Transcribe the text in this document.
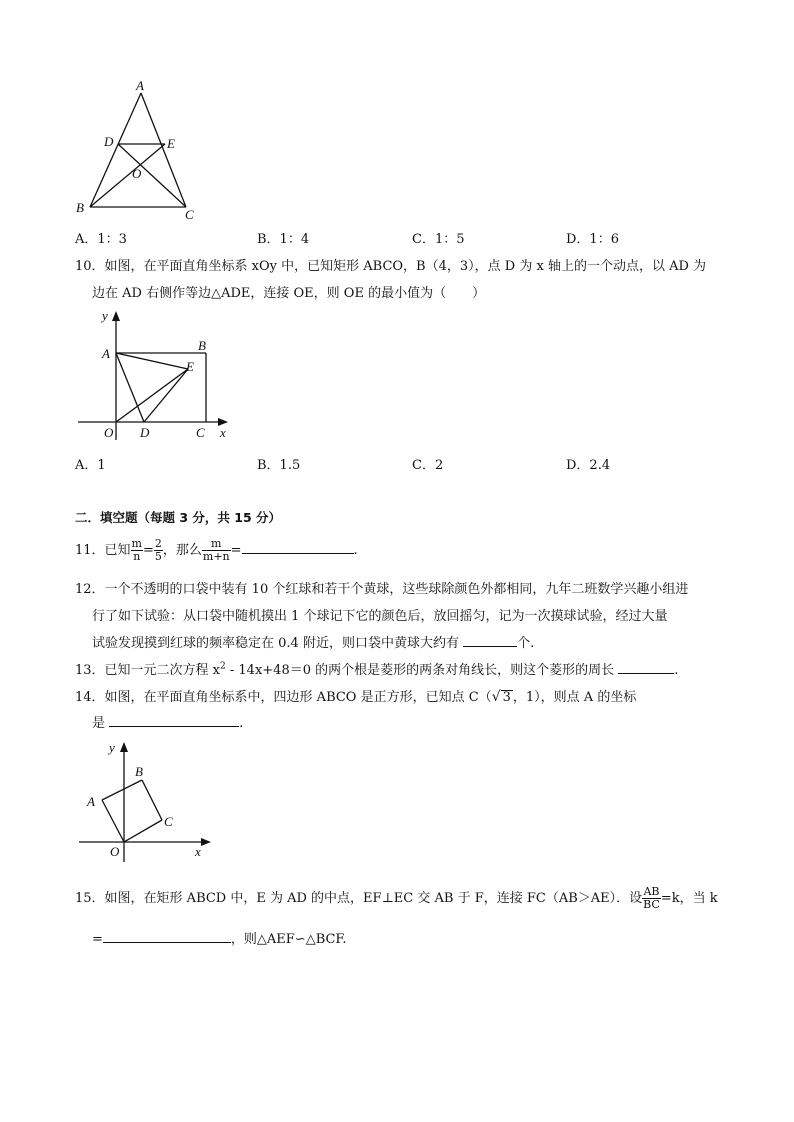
A
D	E
O
B	C
A．1：3	B．1：4	C．1：5	D．1：6
10．如图，在平面直角坐标系 xOy 中，已知矩形 ABCO，B（4，3），点 D 为 x 轴上的一个动点，以 AD 为
边在 AD 右侧作等边△ADE，连接 OE，则 OE 的最小值为（　　）
y
A
B
E
O D	C x
A．1	B．1.5	C．2	D．2.4
二．填空题（每题 3 分，共 15 分）
11．已知 $\frac{m}{n} = \frac{2}{5}$ ，那么 $\frac{m}{m+n}$ =	.
12．一个不透明的口袋中装有 10 个红球和若干个黄球，这些球除颜色外都相同，九年二班数学兴趣小组进
行了如下试验：从口袋中随机摸出 1 个球记下它的颜色后，放回摇匀，记为一次摸球试验，经过大量
试验发现摸到红球的频率稳定在 0.4 附近，则口袋中黄球大约有	个.
13．已知一元二次方程 $x^2 - 14x+48=0$ 的两个根是菱形的两条对角线长，则这个菱形的周长	.
14．如图，在平面直角坐标系中，四边形 ABCO 是正方形，已知点 C（√ 3 ，1），则点 A 的坐标
是	.
y
B
A
C
O	x
15．如图，在矩形 ABCD 中，E 为 AD 的中点，EF⊥EC 交 AB 于 F，连接 FC（AB＞AE）．设 $\frac{AB}{BC} =k$，当 k
=	，则△AEF∽△BCF.
